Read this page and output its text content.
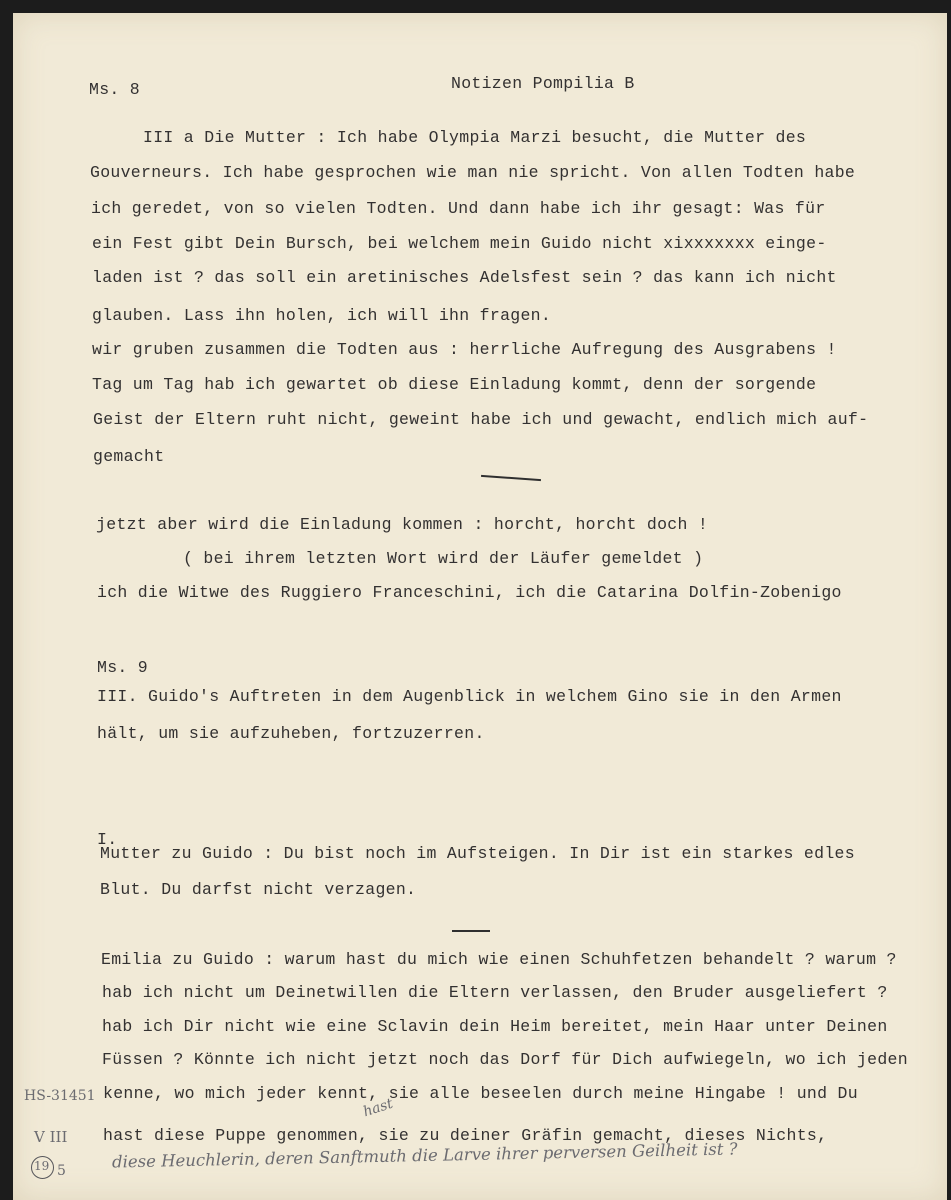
Ms. 8	Notizen Pompilia B
III a Die Mutter : Ich habe Olympia Marzi besucht, die Mutter des
Gouverneurs. Ich habe gesprochen wie man nie spricht. Von allen Todten habe
ich geredet, von so vielen Todten. Und dann habe ich ihr gesagt: Was für
ein Fest gibt Dein Bursch, bei welchem mein Guido nicht xixxxxxxx einge-
laden ist ? das soll ein aretinisches Adelsfest sein ? das kann ich nicht
glauben. Lass ihn holen, ich will ihn fragen.
wir gruben zusammen die Todten aus : herrliche Aufregung des Ausgrabens !
Tag um Tag hab ich gewartet ob diese Einladung kommt, denn der sorgende
Geist der Eltern ruht nicht, geweint habe ich und gewacht, endlich mich auf-
gemacht
jetzt aber wird die Einladung kommen : horcht, horcht doch !
( bei ihrem letzten Wort wird der Läufer gemeldet )
ich die Witwe des Ruggiero Franceschini, ich die Catarina Dolfin-Zobenigo
Ms. 9
III. Guido's Auftreten in dem Augenblick in welchem Gino sie in den Armen
hält, um sie aufzuheben, fortzuzerren.
I.
Mutter zu Guido : Du bist noch im Aufsteigen. In Dir ist ein starkes edles
Blut. Du darfst nicht verzagen.
Emilia zu Guido : warum hast du mich wie einen Schuhfetzen behandelt ? warum ?
hab ich nicht um Deinetwillen die Eltern verlassen, den Bruder ausgeliefert ?
hab ich Dir nicht wie eine Sclavin dein Heim bereitet, mein Haar unter Deinen
Füssen ? Könnte ich nicht jetzt noch das Dorf für Dich aufwiegeln, wo ich jeden
kenne, wo mich jeder kennt, sie alle beseelen durch meine Hingabe ! und Du
hast diese Puppe genommen, sie zu deiner Gräfin gemacht, dieses Nichts,
hast
diese Heuchlerin, deren Sanftmuth die Larve ihrer perversen Geilheit ist ?
HS-31451
V III
19 5
